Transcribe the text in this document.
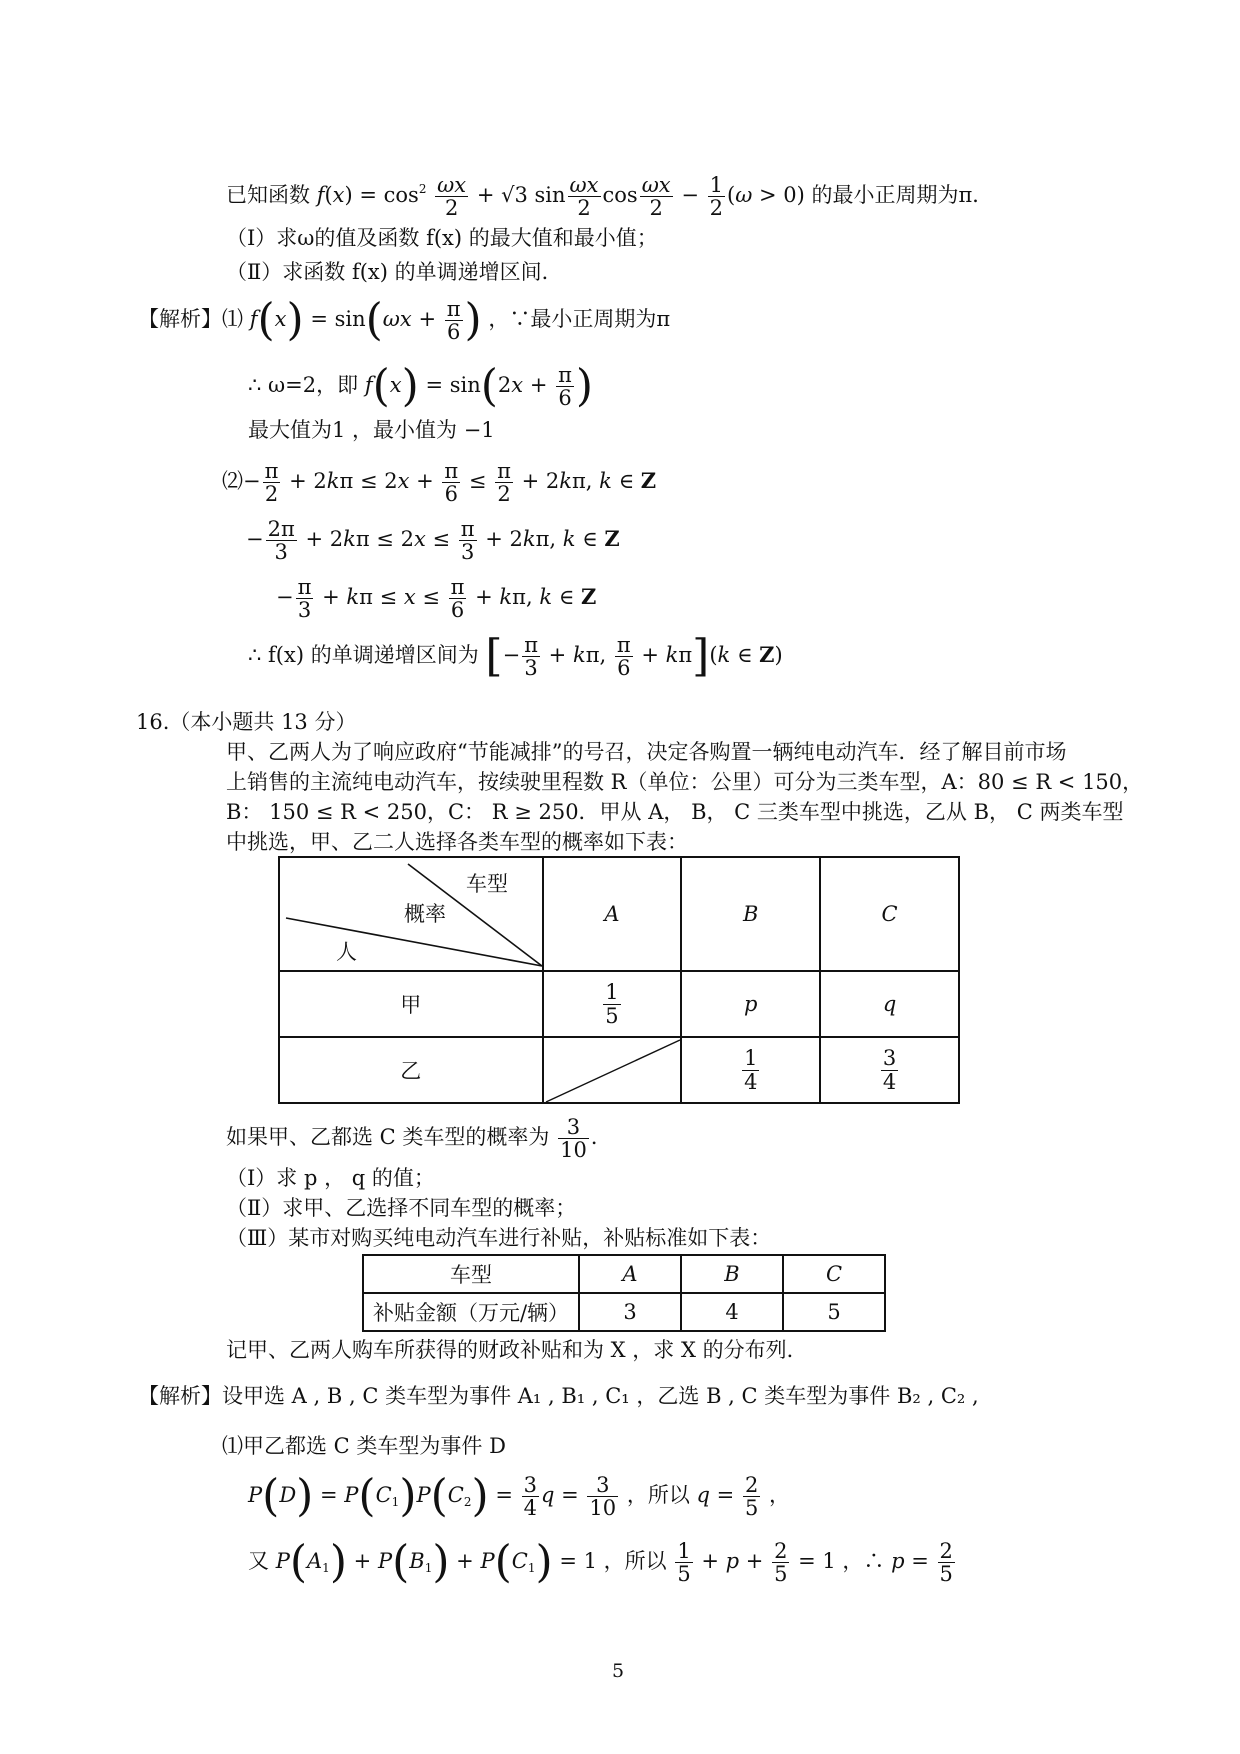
已知函数 $f(x) = \cos^2 \frac{\omega x}{2} + √3$ $\sin \frac{\omega x}{2}$ $\cos \frac{\omega x}{2} - \frac{1}{2} (\omega > 0)$ 的最小正周期为π．
（Ⅰ）求ω的值及函数 f(x) 的最大值和最小值；
（Ⅱ）求函数 f(x) 的单调递增区间．
【解析】⑴ $f(x) = \sin(\omega x + \frac{\pi}{6}$ ) ，∵最小正周期为π
∴ ω=2，即 $f(x) = \sin(2x + \frac{\pi}{6}$ )
最大值为1 ，最小值为 −1
⑵− $\frac{\pi}{2} + 2k\pi \le 2x + \frac{\pi}{6} \le \frac{\pi}{2} + 2k\pi$, k ∈ Z
− $\frac{2\pi}{3} + 2k\pi \le 2x \le \frac{\pi}{3} + 2k\pi$, k ∈ Z
− $\frac{\pi}{3} + k\pi \le x \le \frac{\pi}{6} + k\pi$, k ∈ Z
∴ f(x) 的单调递增区间为 [− $\frac{\pi}{3} + k\pi$, $\frac{\pi}{6} + k\pi](k$ ∈ Z)
16.（本小题共 13 分）
甲、乙两人为了响应政府“节能减排”的号召，决定各购置一辆纯电动汽车．经了解目前市场
上销售的主流纯电动汽车，按续驶里程数 R（单位：公里）可分为三类车型，A：80 ≤ R < 150，
B： 150 ≤ R < 250，C： R ≥ 250．甲从 A， B， C 三类车型中挑选，乙从 B， C 两类车型
中挑选，甲、乙二人选择各类车型的概率如下表：
车型
概率
人	A	B	C
甲	$\frac{1}{5}$	p	q
乙		$\frac{1}{4}$	$\frac{3}{4}$
如果甲、乙都选 C 类车型的概率为 $\frac{3}{10}$ ．
（Ⅰ）求 p ， q 的值；
（Ⅱ）求甲、乙选择不同车型的概率；
（Ⅲ）某市对购买纯电动汽车进行补贴，补贴标准如下表：
车型	A	B	C
补贴金额（万元/辆）	3	4	5
记甲、乙两人购车所获得的财政补贴和为 X ，求 X 的分布列．
【解析】设甲选 A , B , C 类车型为事件 A₁ , B₁ , C₁ ，乙选 B , C 类车型为事件 B₂ , C₂ ,
⑴甲乙都选 C 类车型为事件 D
$P(D) = P(C_1)P(C_2) = \frac{3}{4}$ $q = \frac{3}{10}$ ，所以 $q = \frac{2}{5}$ ，
又 $P(A_1) + P(B_1) + P(C_1) = 1$ ，所以 $\frac{1}{5} + p + \frac{2}{5} = 1$ ，∴ $p = \frac{2}{5}$
5
